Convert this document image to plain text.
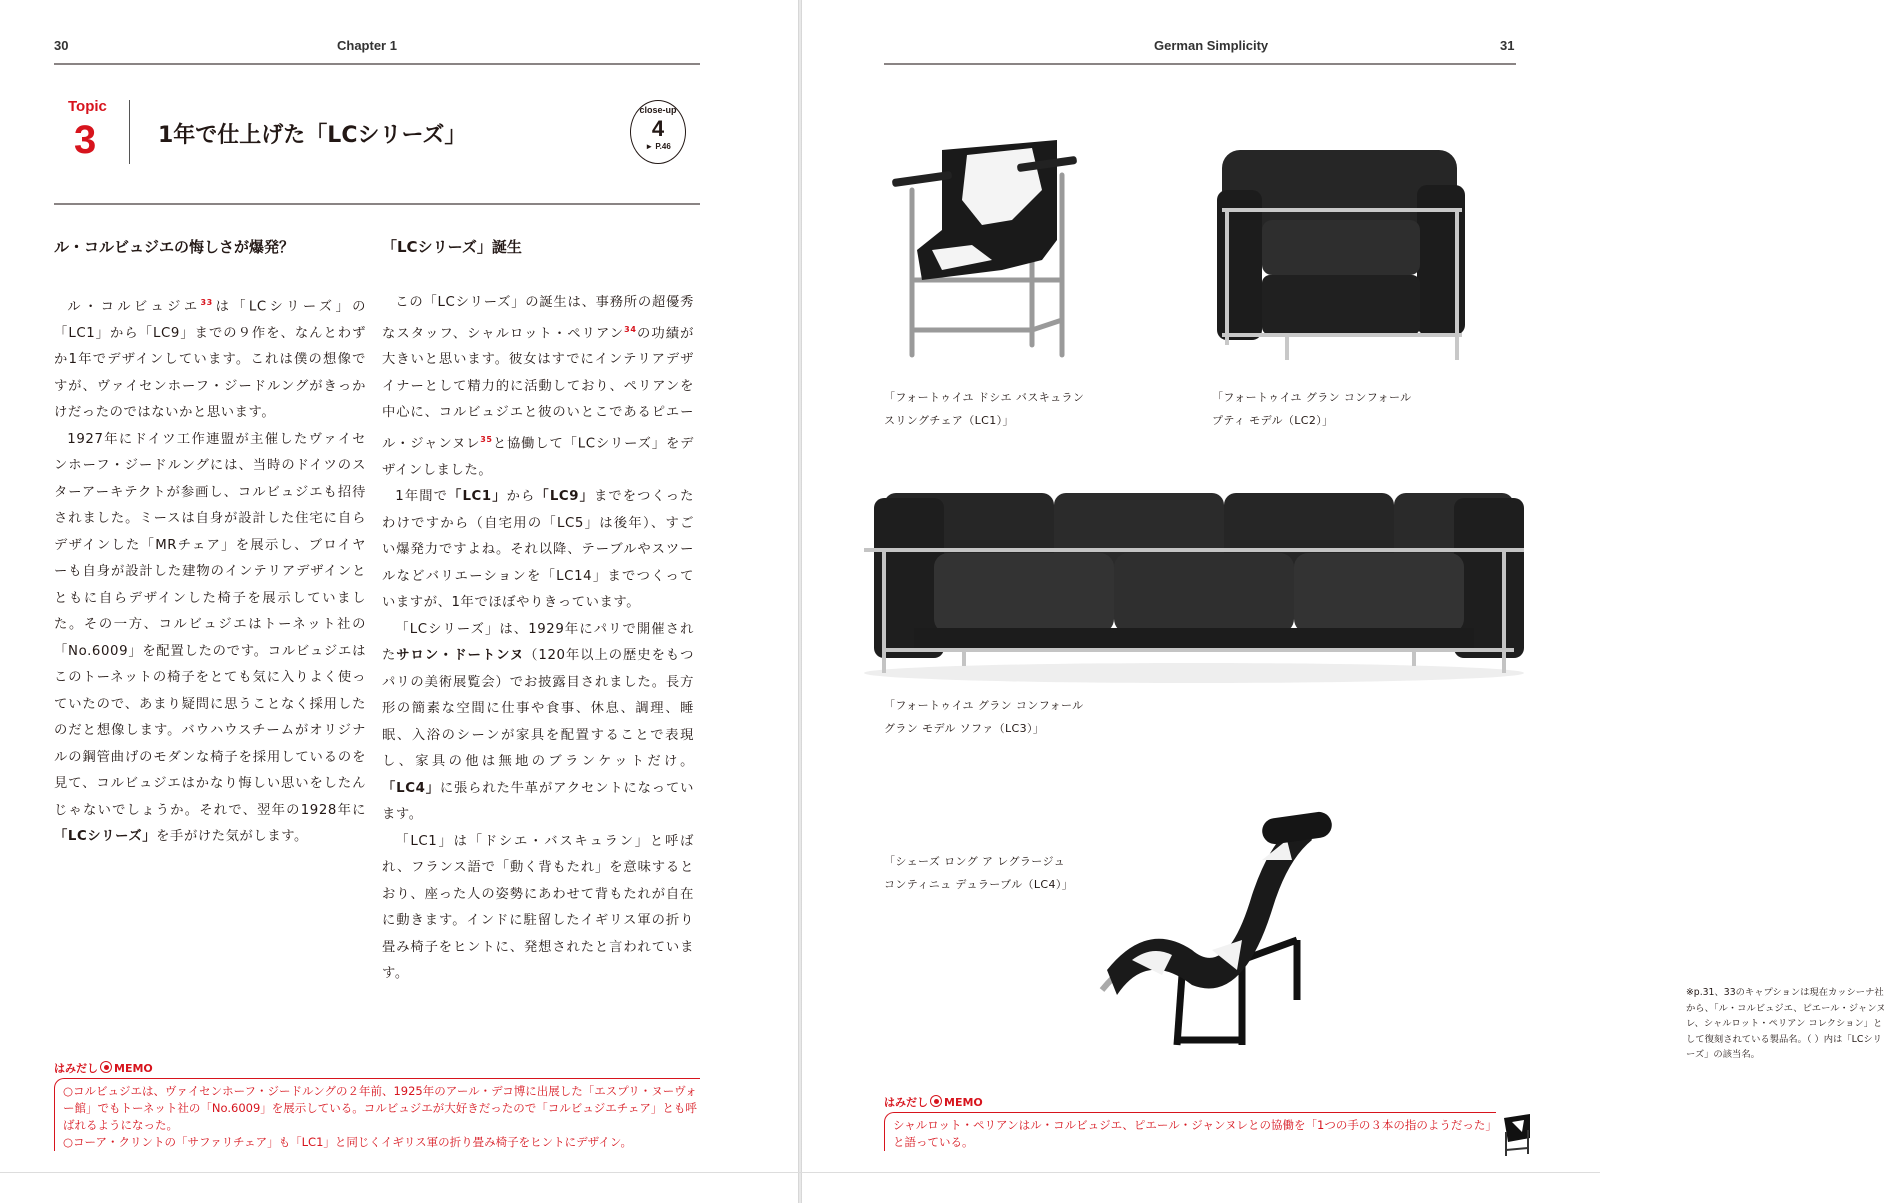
30	Chapter 1
Topic
3	1年で仕上げた「LCシリーズ」
close-up
4
► P.46
ル・コルビュジエの悔しさが爆発？

ル・コルビュジエ$^{33}$は「LCシリーズ」の「LC1」から「LC9」までの９作を、なんとわずか1年でデザインしています。これは僕の想像ですが、ヴァイセンホーフ・ジードルングがきっかけだったのではないかと思います。

1927年にドイツ工作連盟が主催したヴァイセンホーフ・ジードルングには、当時のドイツのスターアーキテクトが参画し、コルビュジエも招待されました。ミースは自身が設計した住宅に自らデザインした「MRチェア」を展示し、ブロイヤーも自身が設計した建物のインテリアデザインとともに自らデザインした椅子を展示していました。その一方、コルビュジエはトーネット社の「No.6009」を配置したのです。コルビュジエはこのトーネットの椅子をとても気に入りよく使っていたので、あまり疑問に思うことなく採用したのだと想像します。バウハウスチームがオリジナルの鋼管曲げのモダンな椅子を採用しているのを見て、コルビュジエはかなり悔しい思いをしたんじゃないでしょうか。それで、翌年の1928年に「LCシリーズ」を手がけた気がします。

「LCシリーズ」誕生

この「LCシリーズ」の誕生は、事務所の超優秀なスタッフ、シャルロット・ペリアン$^{34}$の功績が大きいと思います。彼女はすでにインテリアデザイナーとして精力的に活動しており、ペリアンを中心に、コルビュジエと彼のいとこであるピエール・ジャンヌレ$^{35}$と協働して「LCシリーズ」をデザインしました。

1年間で「LC1」から「LC9」までをつくったわけですから（自宅用の「LC5」は後年）、すごい爆発力ですよね。それ以降、テーブルやスツールなどバリエーションを「LC14」までつくっていますが、1年でほぼやりきっています。

「LCシリーズ」は、1929年にパリで開催されたサロン・ドートンヌ（120年以上の歴史をもつパリの美術展覧会）でお披露目されました。長方形の簡素な空間に仕事や食事、休息、調理、睡眠、入浴のシーンが家具を配置することで表現し、家具の他は無地のブランケットだけ。「LC4」に張られた牛革がアクセントになっています。

「LC1」は「ドシエ・バスキュラン」と呼ばれ、フランス語で「動く背もたれ」を意味するとおり、座った人の姿勢にあわせて背もたれが自在に動きます。インドに駐留したイギリス軍の折り畳み椅子をヒントに、発想されたと言われています。

はみだし MEMO

○コルビュジエは、ヴァイセンホーフ・ジードルングの２年前、1925年のアール・デコ博に出展した「エスプリ・ヌーヴォー館」でもトーネット社の「No.6009」を展示している。コルビュジエが大好きだったので「コルビュジエチェア」とも呼ばれるようになった。

○コーア・クリントの「サファリチェア」も「LC1」と同じくイギリス軍の折り畳み椅子をヒントにデザイン。

German Simplicity	31
「フォートゥイユ ドシエ バスキュラン
スリングチェア（LC1）」
「フォートゥイユ グラン コンフォール
プティ モデル（LC2）」
「フォートゥイユ グラン コンフォール
グラン モデル ソファ（LC3）」
「シェーズ ロング ア レグラージュ
コンティニュ デュラーブル（LC4）」
※p.31、33のキャプションは現在カッシーナ社から、「ル・コルビュジエ、ピエール・ジャンヌレ、シャルロット・ペリアン コレクション」として復刻されている製品名。（ ）内は「LCシリーズ」の該当名。
はみだし MEMO

シャルロット・ペリアンはル・コルビュジエ、ピエール・ジャンヌレとの協働を「1つの手の３本の指のようだった」と語っている。
